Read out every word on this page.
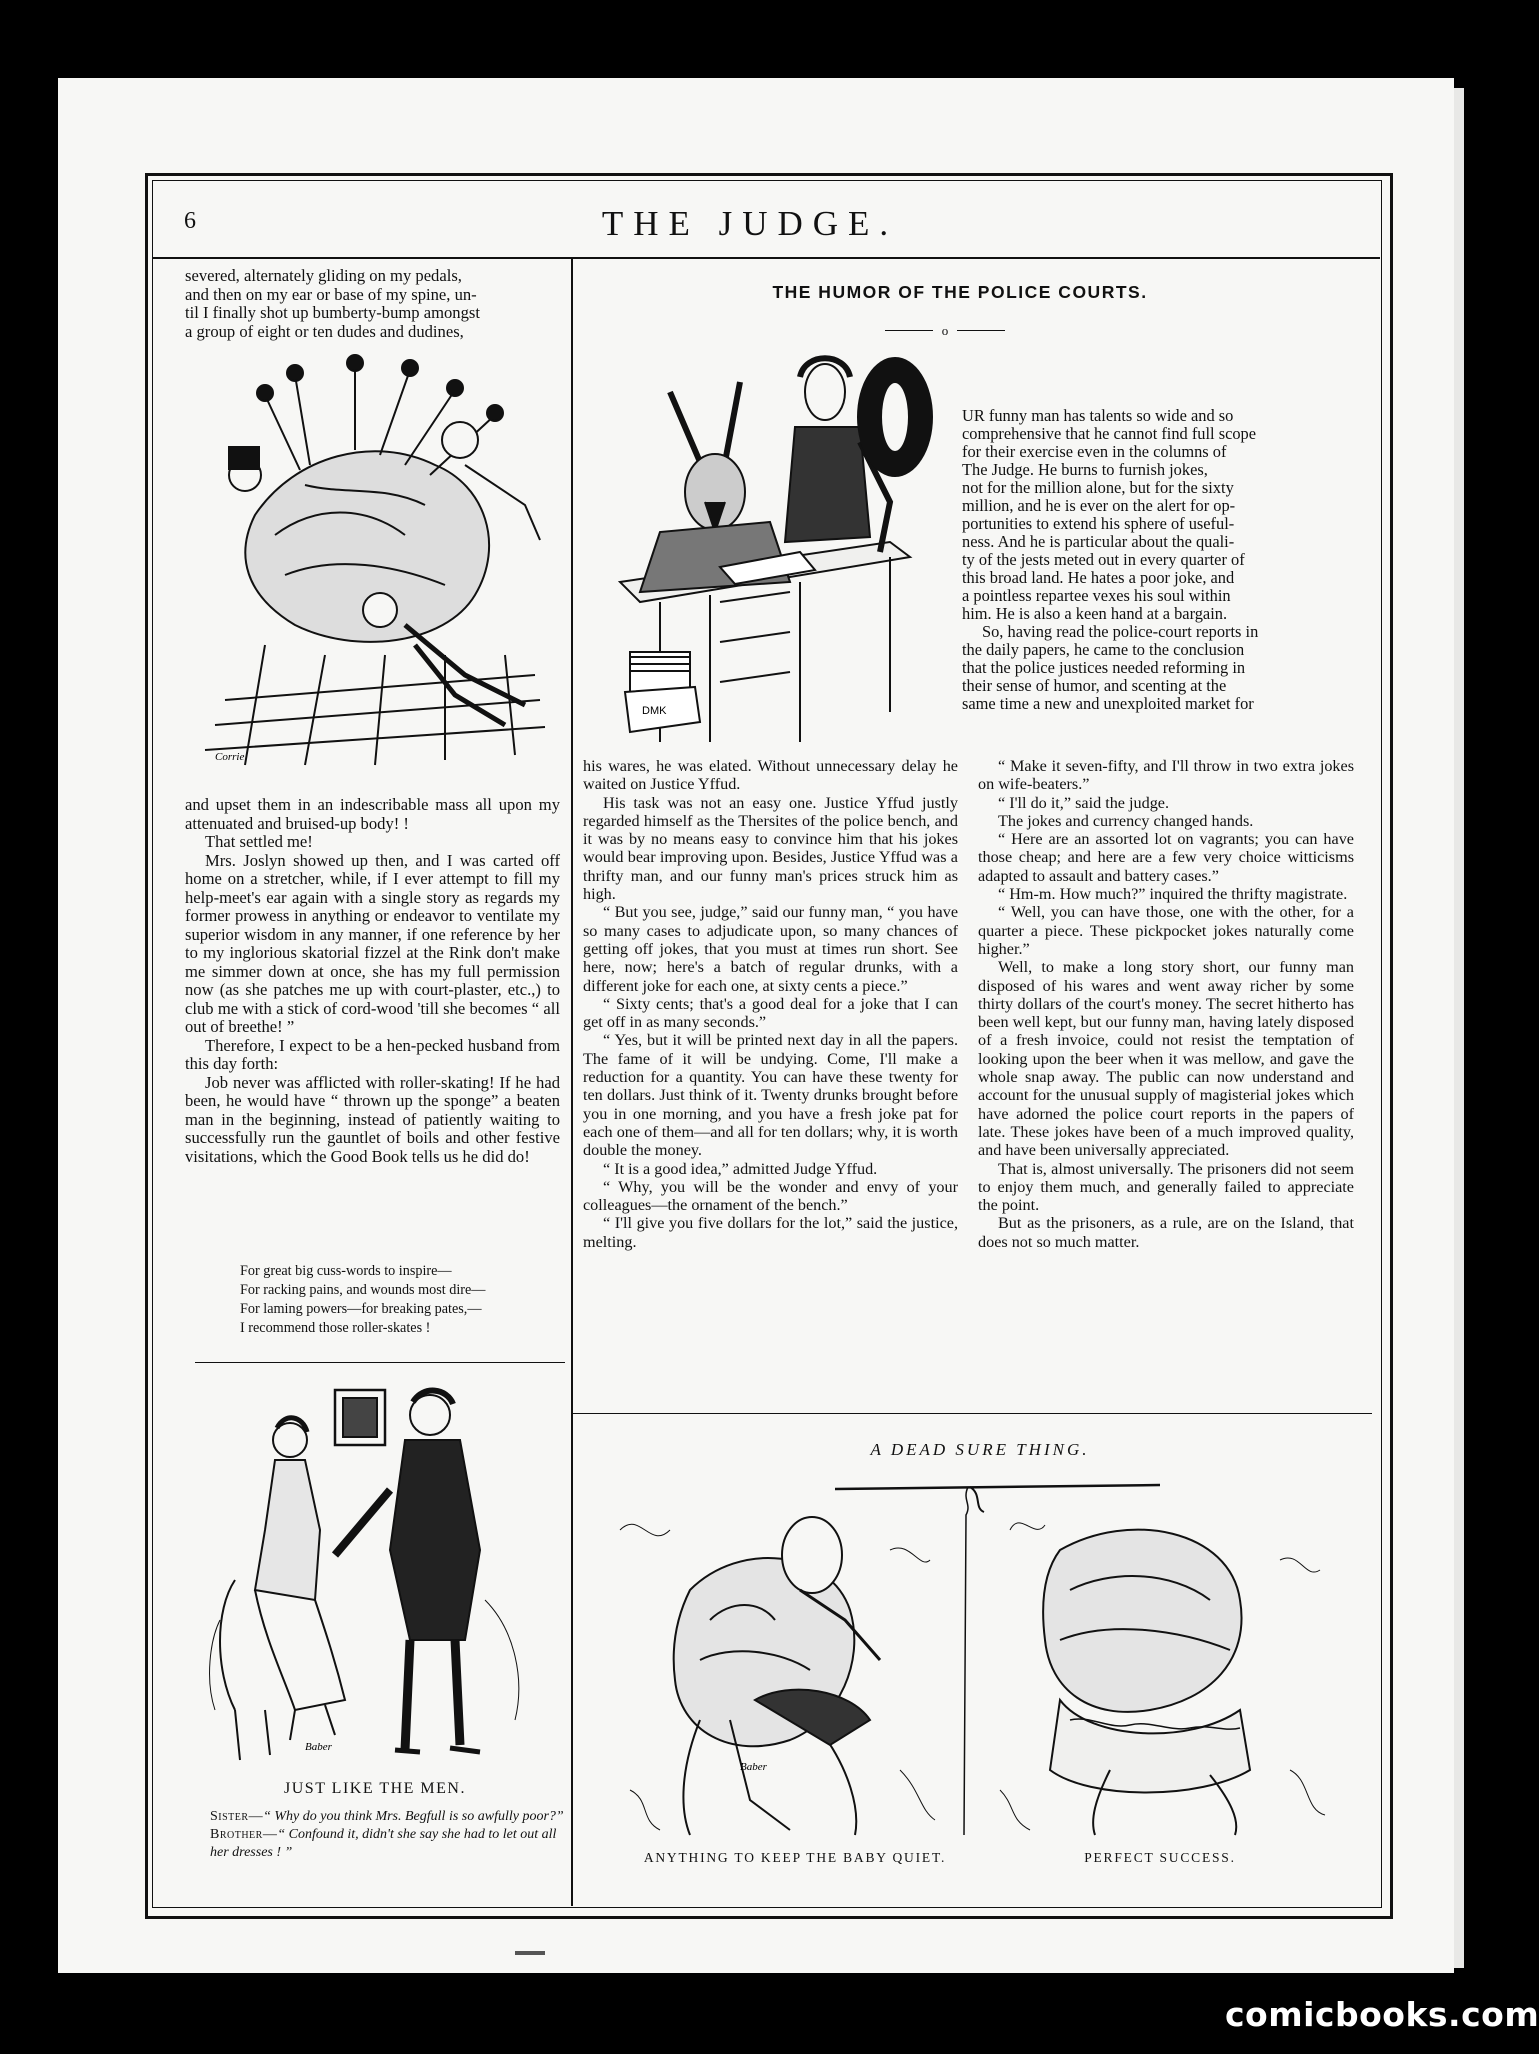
6	THE JUDGE.
severed, alternately gliding on my pedals,
and then on my ear or base of my spine, un-
til I finally shot up bumberty-bump amongst
a group of eight or ten dudes and dudines,
Corrie

and upset them in an indescribable mass all upon my attenuated and bruised-up body! !

That settled me!

Mrs. Joslyn showed up then, and I was carted off home on a stretcher, while, if I ever attempt to fill my help-meet's ear again with a single story as regards my former prowess in anything or endeavor to ventilate my superior wisdom in any manner, if one reference by her to my inglorious skatorial fizzel at the Rink don't make me simmer down at once, she has my full permission now (as she patches me up with court-plaster, etc.,) to club me with a stick of cord-wood 'till she becomes “ all out of breethe! ”

Therefore, I expect to be a hen-pecked husband from this day forth:

Job never was afflicted with roller-skating! If he had been, he would have “ thrown up the sponge” a beaten man in the beginning, instead of patiently waiting to successfully run the gauntlet of boils and other festive visitations, which the Good Book tells us he did do!

For great big cuss-words to inspire—
For racking pains, and wounds most dire—
For laming powers—for breaking pates,—
I recommend those roller-skates !
Baber
JUST LIKE THE MEN.

Sister—“ Why do you think Mrs. Begfull is so awfully poor?”

Brother—“ Confound it, didn't she say she had to let out all her dresses ! ”

THE HUMOR OF THE POLICE COURTS.
o
DMK
UR funny man has talents so wide and so
comprehensive that he cannot find full scope
for their exercise even in the columns of
The Judge. He burns to furnish jokes,
not for the million alone, but for the sixty
million, and he is ever on the alert for op-
portunities to extend his sphere of useful-
ness. And he is particular about the quali-
ty of the jests meted out in every quarter of
this broad land. He hates a poor joke, and
a pointless repartee vexes his soul within
him. He is also a keen hand at a bargain.
So, having read the police-court reports in
the daily papers, he came to the conclusion
that the police justices needed reforming in
their sense of humor, and scenting at the
same time a new and unexploited market for

his wares, he was elated. Without unnecessary delay he waited on Justice Yffud.

His task was not an easy one. Justice Yffud justly regarded himself as the Thersites of the police bench, and it was by no means easy to convince him that his jokes would bear improving upon. Besides, Justice Yffud was a thrifty man, and our funny man's prices struck him as high.

“ But you see, judge,” said our funny man, “ you have so many cases to adjudicate upon, so many chances of getting off jokes, that you must at times run short. See here, now; here's a batch of regular drunks, with a different joke for each one, at sixty cents a piece.”

“ Sixty cents; that's a good deal for a joke that I can get off in as many seconds.”

“ Yes, but it will be printed next day in all the papers. The fame of it will be undying. Come, I'll make a reduction for a quantity. You can have these twenty for ten dollars. Just think of it. Twenty drunks brought before you in one morning, and you have a fresh joke pat for each one of them—and all for ten dollars; why, it is worth double the money.

“ It is a good idea,” admitted Judge Yffud.

“ Why, you will be the wonder and envy of your colleagues—the ornament of the bench.”

“ I'll give you five dollars for the lot,” said the justice, melting.

“ Make it seven-fifty, and I'll throw in two extra jokes on wife-beaters.”

“ I'll do it,” said the judge.

The jokes and currency changed hands.

“ Here are an assorted lot on vagrants; you can have those cheap; and here are a few very choice witticisms adapted to assault and battery cases.”

“ Hm-m. How much?” inquired the thrifty magistrate.

“ Well, you can have those, one with the other, for a quarter a piece. These pickpocket jokes naturally come higher.”

Well, to make a long story short, our funny man disposed of his wares and went away richer by some thirty dollars of the court's money. The secret hitherto has been well kept, but our funny man, having lately disposed of a fresh invoice, could not resist the temptation of looking upon the beer when it was mellow, and gave the whole snap away. The public can now understand and account for the unusual supply of magisterial jokes which have adorned the police court reports in the papers of late. These jokes have been of a much improved quality, and have been universally appreciated.

That is, almost universally. The prisoners did not seem to enjoy them much, and generally failed to appreciate the point.

But as the prisoners, as a rule, are on the Island, that does not so much matter.

A DEAD SURE THING.
Baber
ANYTHING TO KEEP THE BABY QUIET.	PERFECT SUCCESS.
comicbooks.com
